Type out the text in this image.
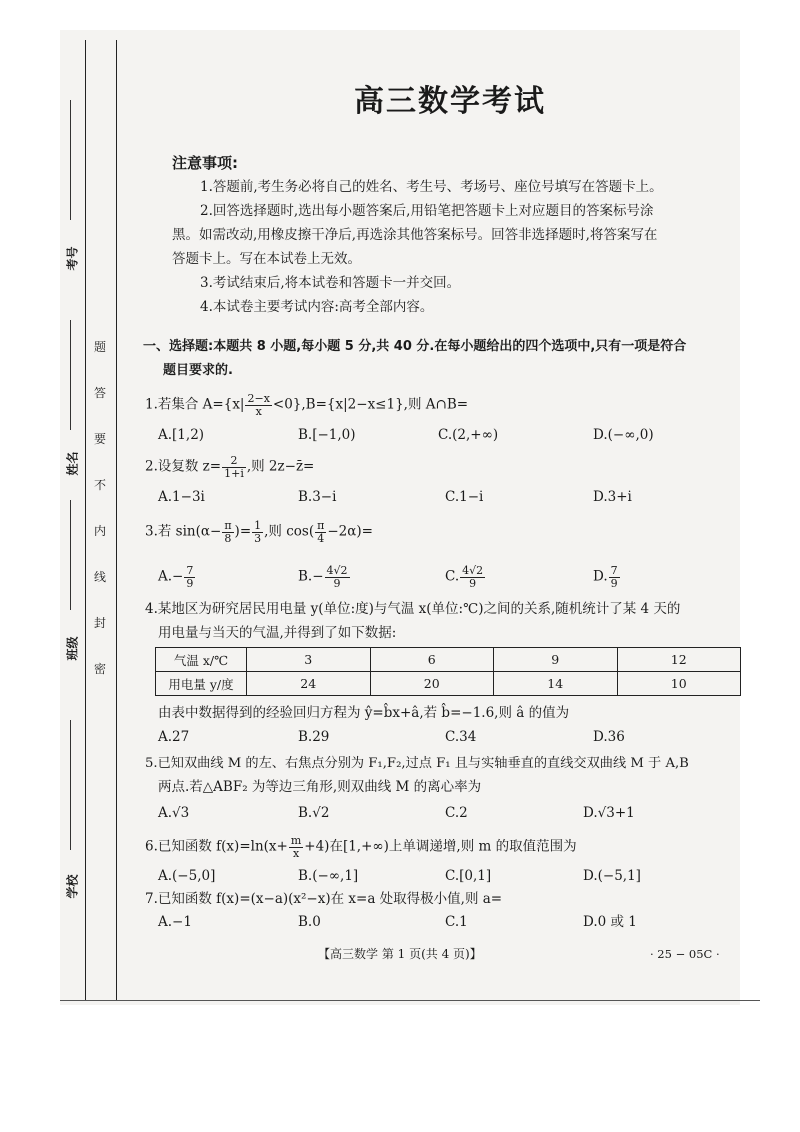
考号
姓名
班级
学校
题
答
要
不
内
线
封
密
高三数学考试
注意事项:
1.答题前,考生务必将自己的姓名、考生号、考场号、座位号填写在答题卡上。
2.回答选择题时,选出每小题答案后,用铅笔把答题卡上对应题目的答案标号涂
黑。如需改动,用橡皮擦干净后,再选涂其他答案标号。回答非选择题时,将答案写在
答题卡上。写在本试卷上无效。
3.考试结束后,将本试卷和答题卡一并交回。
4.本试卷主要考试内容:高考全部内容。
一、选择题:本题共 8 小题,每小题 5 分,共 40 分.在每小题给出的四个选项中,只有一项是符合
题目要求的.
1.若集合 $A=\{x| \frac{2-x}{x} <0\},B=\{x|2-x\le 1\}$,则 A∩B=
A.[1,2)	B.[−1,0)	C.(2,+∞)	D.(−∞,0)
2.设复数 $z= \frac{2}{1+i}$ ,则 2z−z̄=
A.1−3i	B.3−i	C.1−i	D.3+i
3.若 $\sin(\alpha- \frac{\pi}{8}$ )= $\frac{1}{3}$ ,则 $\cos( \frac{\pi}{4} -2\alpha)=$
$A.- \frac{7}{9}$	$B.- \frac{4√2}{9}$	C. $\frac{4√2}{9}$	D. $\frac{7}{9}$
4.某地区为研究居民用电量 y(单位:度)与气温 x(单位:℃)之间的关系,随机统计了某 4 天的
用电量与当天的气温,并得到了如下数据:
气温 x/℃	3	6	9	12
用电量 y/度	24	20	14	10
由表中数据得到的经验回归方程为 ŷ=b̂x+â,若 b̂=−1.6,则 â 的值为
A.27	B.29	C.34	D.36
5.已知双曲线 M 的左、右焦点分别为 F₁,F₂,过点 F₁ 且与实轴垂直的直线交双曲线 M 于 A,B
两点.若△ABF₂ 为等边三角形,则双曲线 M 的离心率为
A.√3	B.√2	C.2	D.√3+1
6.已知函数 $f(x)=\ln(x+ \frac{m}{x} +4)$在[1,+∞)上单调递增,则 m 的取值范围为
A.(−5,0]	B.(−∞,1]	C.[0,1]	D.(−5,1]
7.已知函数 f(x)=(x−a)(x²−x)在 x=a 处取得极小值,则 a=
A.−1	B.0	C.1	D.0 或 1
【高三数学 第 1 页(共 4 页)】	· 25 − 05C ·
